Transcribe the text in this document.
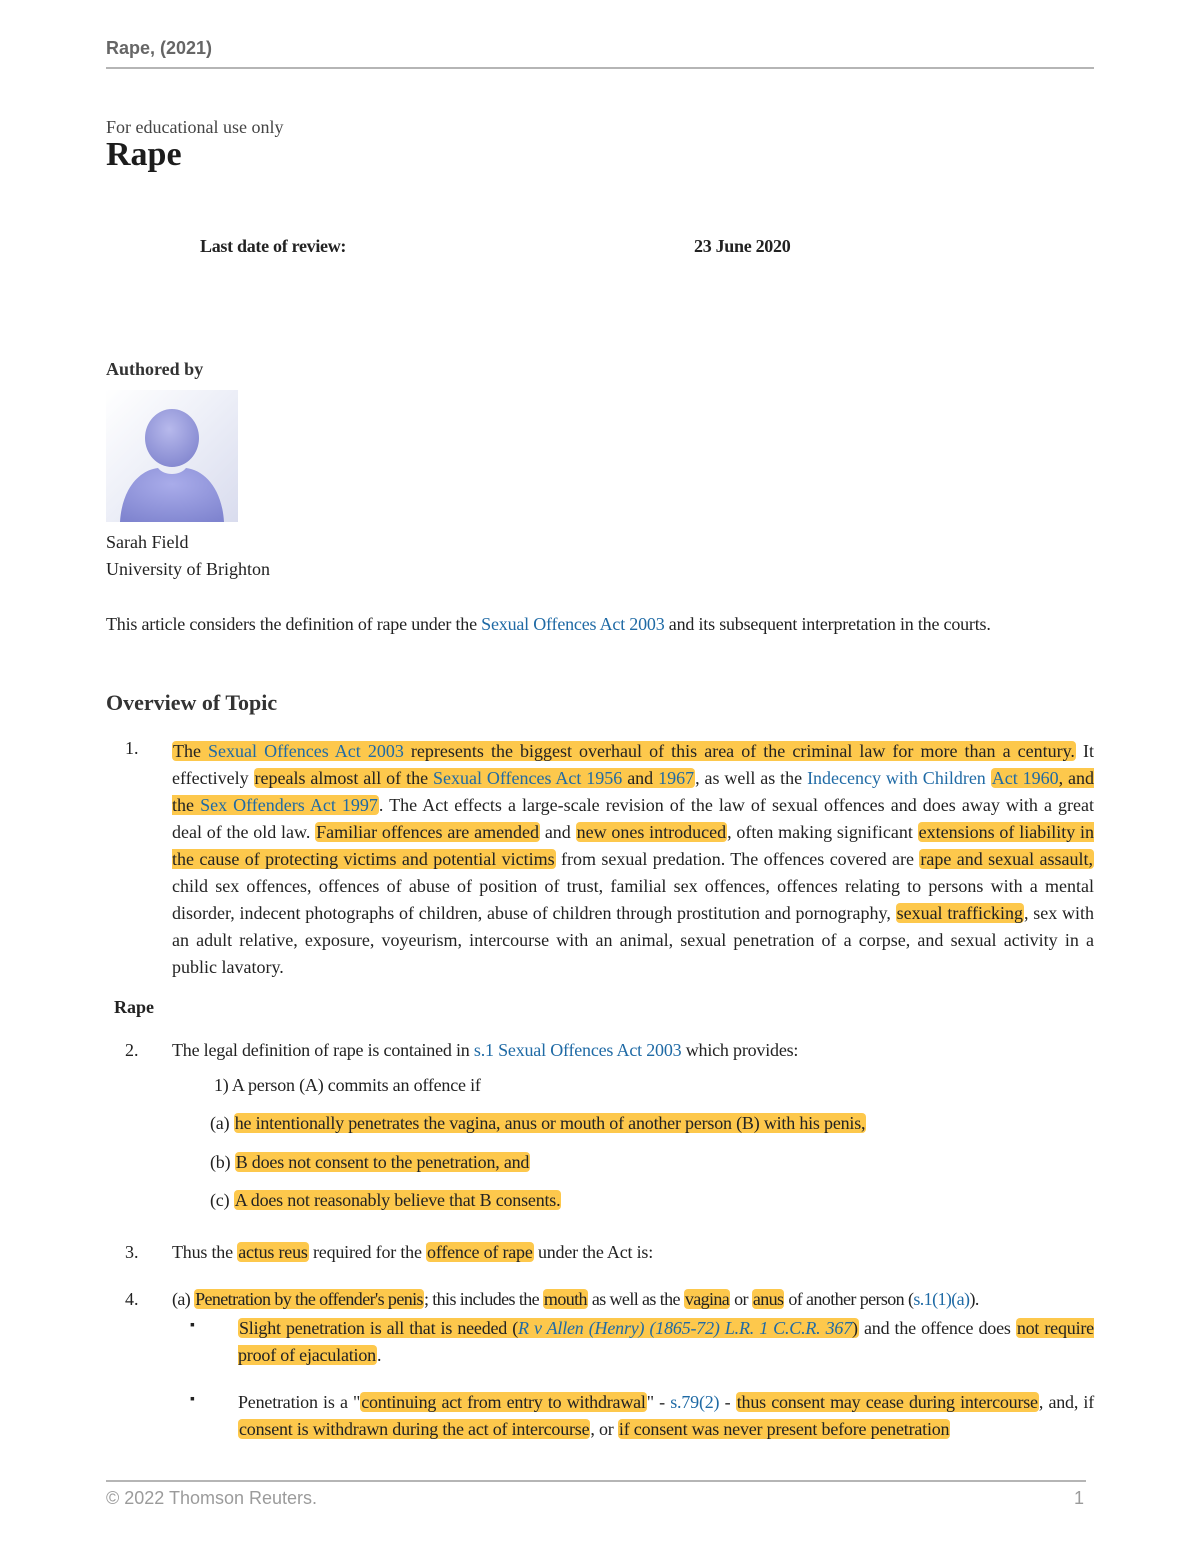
Rape, (2021)
For educational use only
Rape
Last date of review:	23 June 2020
Authored by
Sarah Field
University of Brighton
This article considers the definition of rape under the Sexual Offences Act 2003 and its subsequent interpretation in the courts.
Overview of Topic
1. The Sexual Offences Act 2003 represents the biggest overhaul of this area of the criminal law for more than a century. It effectively repeals almost all of the Sexual Offences Act 1956 and 1967, as well as the Indecency with Children Act 1960, and the Sex Offenders Act 1997. The Act effects a large-scale revision of the law of sexual offences and does away with a great deal of the old law. Familiar offences are amended and new ones introduced, often making significant extensions of liability in the cause of protecting victims and potential victims from sexual predation. The offences covered are rape and sexual assault, child sex offences, offences of abuse of position of trust, familial sex offences, offences relating to persons with a mental disorder, indecent photographs of children, abuse of children through prostitution and pornography, sexual trafficking, sex with an adult relative, exposure, voyeurism, intercourse with an animal, sexual penetration of a corpse, and sexual activity in a public lavatory.

Rape
2. The legal definition of rape is contained in s.1 Sexual Offences Act 2003 which provides:
1) A person (A) commits an offence if
(a) he intentionally penetrates the vagina, anus or mouth of another person (B) with his penis,
(b) B does not consent to the penetration, and
(c) A does not reasonably believe that B consents.
3. Thus the actus reus required for the offence of rape under the Act is:
4. (a) Penetration by the offender's penis; this includes the mouth as well as the vagina or anus of another person (s.1(1)(a)).
▪ Slight penetration is all that is needed (R v Allen (Henry) (1865-72) L.R. 1 C.C.R. 367) and the offence does not require proof of ejaculation.

▪ Penetration is a "continuing act from entry to withdrawal" - s.79(2) - thus consent may cease during intercourse, and, if consent is withdrawn during the act of intercourse, or if consent was never present before penetration

© 2022 Thomson Reuters.	1
